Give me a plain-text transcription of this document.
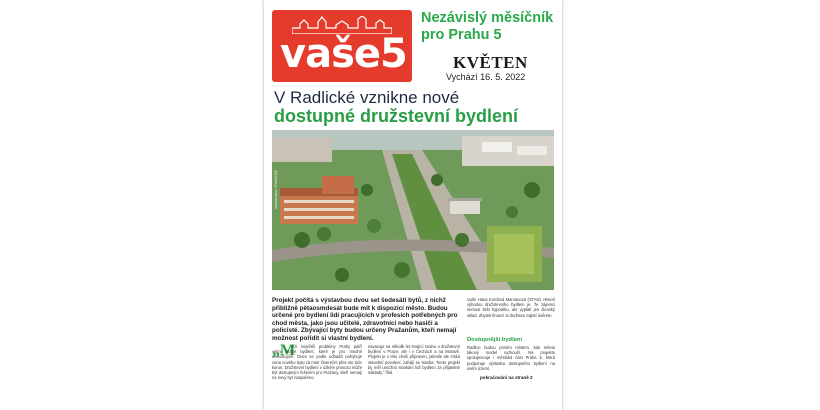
vaše5
Nezávislý měsíčník pro Prahu 5
KVĚTEN
Vychází 16. 5. 2022
V Radlické vznikne nové
dostupné družstevní bydlení
Vizualizace: Foto/ZDE
Projekt počítá s výstavbou dvou set šedesáti bytů, z nichž přibližně pětaosmdesát bude mít k dispozici město. Budou určené pro bydlení lidí pracujících v profesích potřebných pro chod města, jako jsou učitelé, zdravotníci nebo hasiči a policisté. Zbývající byty budou určeny Pražanům, kteří nemají možnost pořídit si vlastní bydlení.
„M
ezi největší problémy Prahy patří velmi drahé bydlení, které je pro mnohé nedostupné. Dnes se podle odhadů pohybuje cena nového bytu za metr čtvereční přes sto tisíc korun. Družstevní bydlení v úzkém provozu může být dostupným řešením pro Pražany, kteří nemají na nový byt naspořeno,
navazuje na několik let trvající snahu o družstevní bydlení v Praze, ale i v Čechách a na Moravě. Projekt je v této chvíli připraven, jakmile ale získá stavební povolení, zahájí se stavba. Tento projekt by měl umožnit stovkám lidí bydlení za přijatelné náklady,“ říká
radní Hana Kordová Marvanová (STAN). Hlavní výhodou družstevního bydlení je, že zájemci nemusí brát hypotéku, ale vyplatí jen členský vklad. Zbytek financí si družstvo zajistí úvěrem.
Dostupnější bydlení
Radlice budou prvním místem, kde město takový model vyzkouší. Na projektu spolupracuje i městská část Praha 5, která podporuje výstavbu dostupného bydlení na svém území.
pokračování na straně 2
